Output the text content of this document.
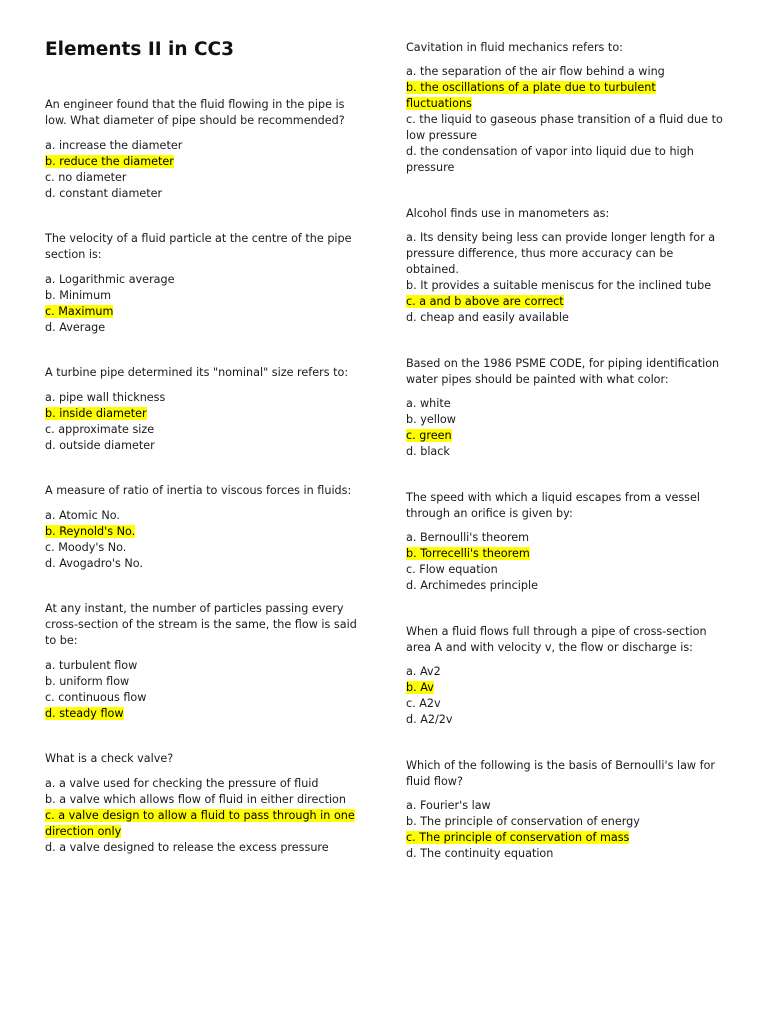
Elements II in CC3

An engineer found that the fluid flowing in the pipe is low. What diameter of pipe should be recommended?

a. increase the diameter
b. reduce the diameter
c. no diameter
d. constant diameter

The velocity of a fluid particle at the centre of the pipe section is:

a. Logarithmic average
b. Minimum
c. Maximum
d. Average

A turbine pipe determined its "nominal" size refers to:

a. pipe wall thickness
b. inside diameter
c. approximate size
d. outside diameter

A measure of ratio of inertia to viscous forces in fluids:

a. Atomic No.
b. Reynold's No.
c. Moody's No.
d. Avogadro's No.

At any instant, the number of particles passing every cross-section of the stream is the same, the flow is said to be:

a. turbulent flow
b. uniform flow
c. continuous flow
d. steady flow

What is a check valve?

a. a valve used for checking the pressure of fluid
b. a valve which allows flow of fluid in either direction
c. a valve design to allow a fluid to pass through in one direction only
d. a valve designed to release the excess pressure

Cavitation in fluid mechanics refers to:

a. the separation of the air flow behind a wing
b. the oscillations of a plate due to turbulent fluctuations
c. the liquid to gaseous phase transition of a fluid due to low pressure
d. the condensation of vapor into liquid due to high pressure

Alcohol finds use in manometers as:

a. Its density being less can provide longer length for a pressure difference, thus more accuracy can be obtained.
b. It provides a suitable meniscus for the inclined tube
c. a and b above are correct
d. cheap and easily available

Based on the 1986 PSME CODE, for piping identification water pipes should be painted with what color:

a. white
b. yellow
c. green
d. black

The speed with which a liquid escapes from a vessel through an orifice is given by:

a. Bernoulli's theorem
b. Torrecelli's theorem
c. Flow equation
d. Archimedes principle

When a fluid flows full through a pipe of cross-section area A and with velocity v, the flow or discharge is:

a. Av2
b. Av
c. A2v
d. A2/2v

Which of the following is the basis of Bernoulli's law for fluid flow?

a. Fourier's law
b. The principle of conservation of energy
c. The principle of conservation of mass
d. The continuity equation
